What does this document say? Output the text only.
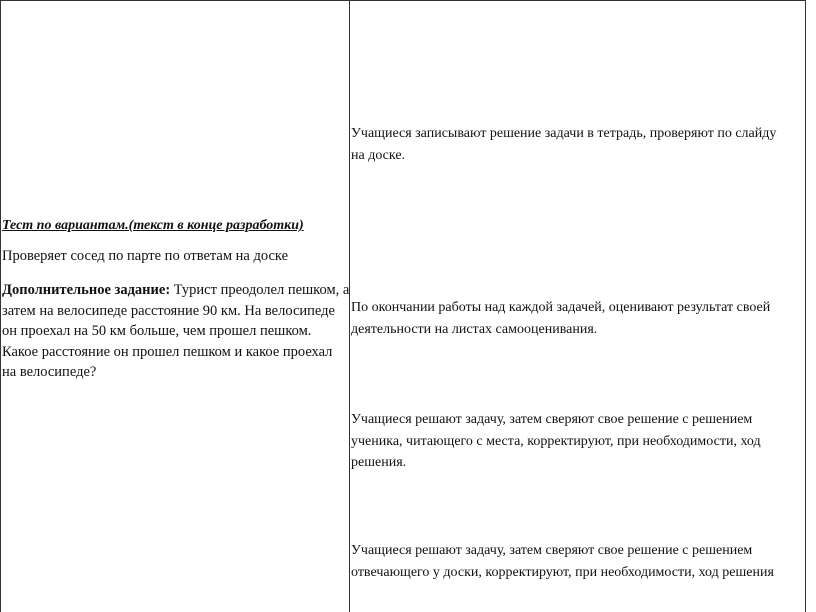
Тест по вариантам.(текст в конце разработки)

Проверяет сосед по парте по ответам на доске

Дополнительное задание: Турист преодолел пешком, а затем на велосипеде расстояние 90 км. На велосипеде он проехал на 50 км больше, чем прошел пешком. Какое расстояние он прошел пешком и какое проехал на велосипеде?

Учащиеся записывают решение задачи в тетрадь, проверяют по слайду на доске.

По окончании работы над каждой задачей, оценивают результат своей деятельности на листах самооценивания.

Учащиеся решают задачу, затем сверяют свое решение с решением ученика, читающего с места, корректируют, при необходимости, ход решения.

Учащиеся решают задачу, затем сверяют свое решение с решением отвечающего у доски, корректируют, при необходимости, ход решения
